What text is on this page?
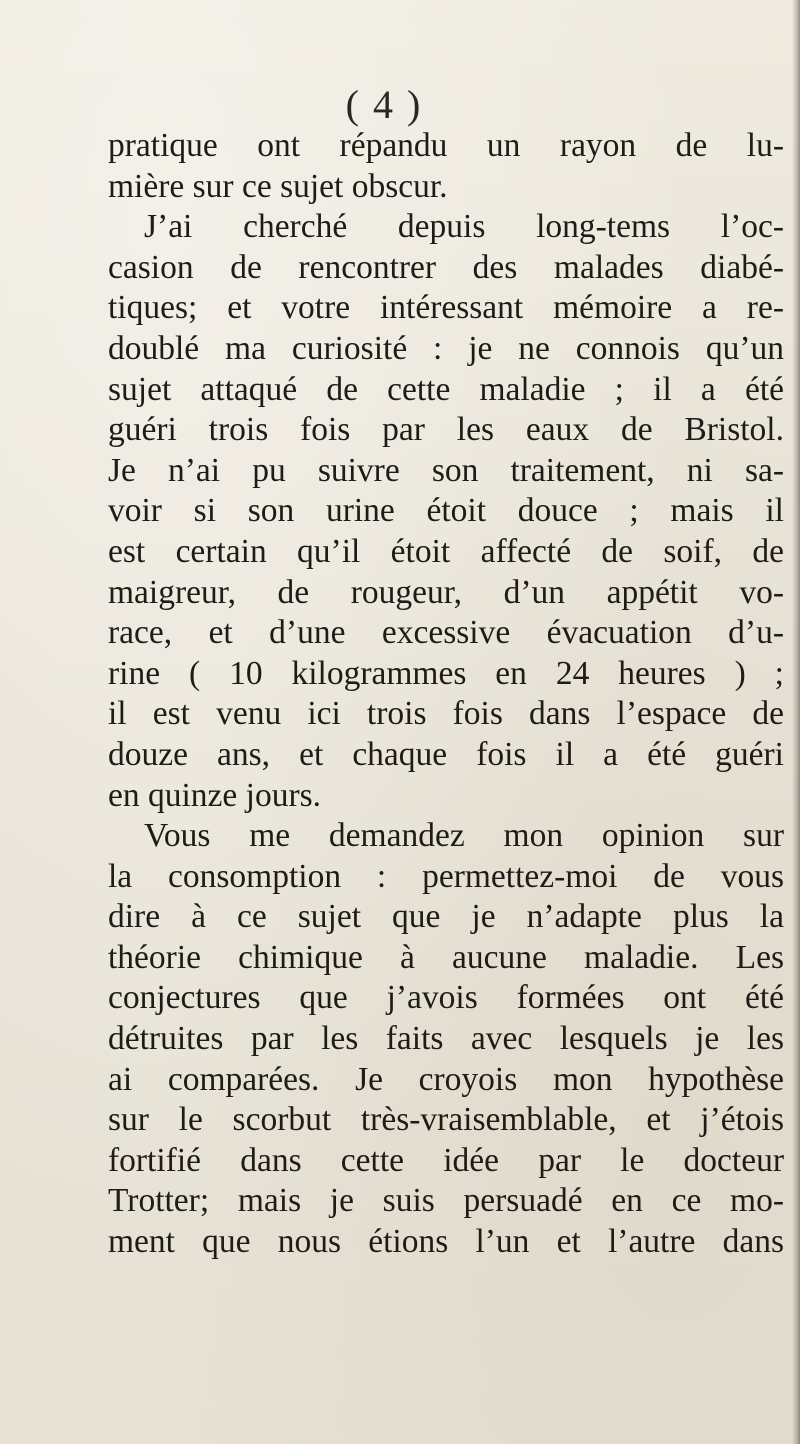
( 4 )
pratique ont répandu un rayon de lu-
mière sur ce sujet obscur.
J’ai cherché depuis long-tems l’oc-
casion de rencontrer des malades diabé-
tiques; et votre intéressant mémoire a re-
doublé ma curiosité : je ne connois qu’un
sujet attaqué de cette maladie ; il a été
guéri trois fois par les eaux de Bristol.
Je n’ai pu suivre son traitement, ni sa-
voir si son urine étoit douce ; mais il
est certain qu’il étoit affecté de soif, de
maigreur, de rougeur, d’un appétit vo-
race, et d’une excessive évacuation d’u-
rine ( 10 kilogrammes en 24 heures ) ;
il est venu ici trois fois dans l’espace de
douze ans, et chaque fois il a été guéri
en quinze jours.
Vous me demandez mon opinion sur
la consomption : permettez-moi de vous
dire à ce sujet que je n’adapte plus la
théorie chimique à aucune maladie. Les
conjectures que j’avois formées ont été
détruites par les faits avec lesquels je les
ai comparées. Je croyois mon hypothèse
sur le scorbut très-vraisemblable, et j’étois
fortifié dans cette idée par le docteur
Trotter; mais je suis persuadé en ce mo-
ment que nous étions l’un et l’autre dans
